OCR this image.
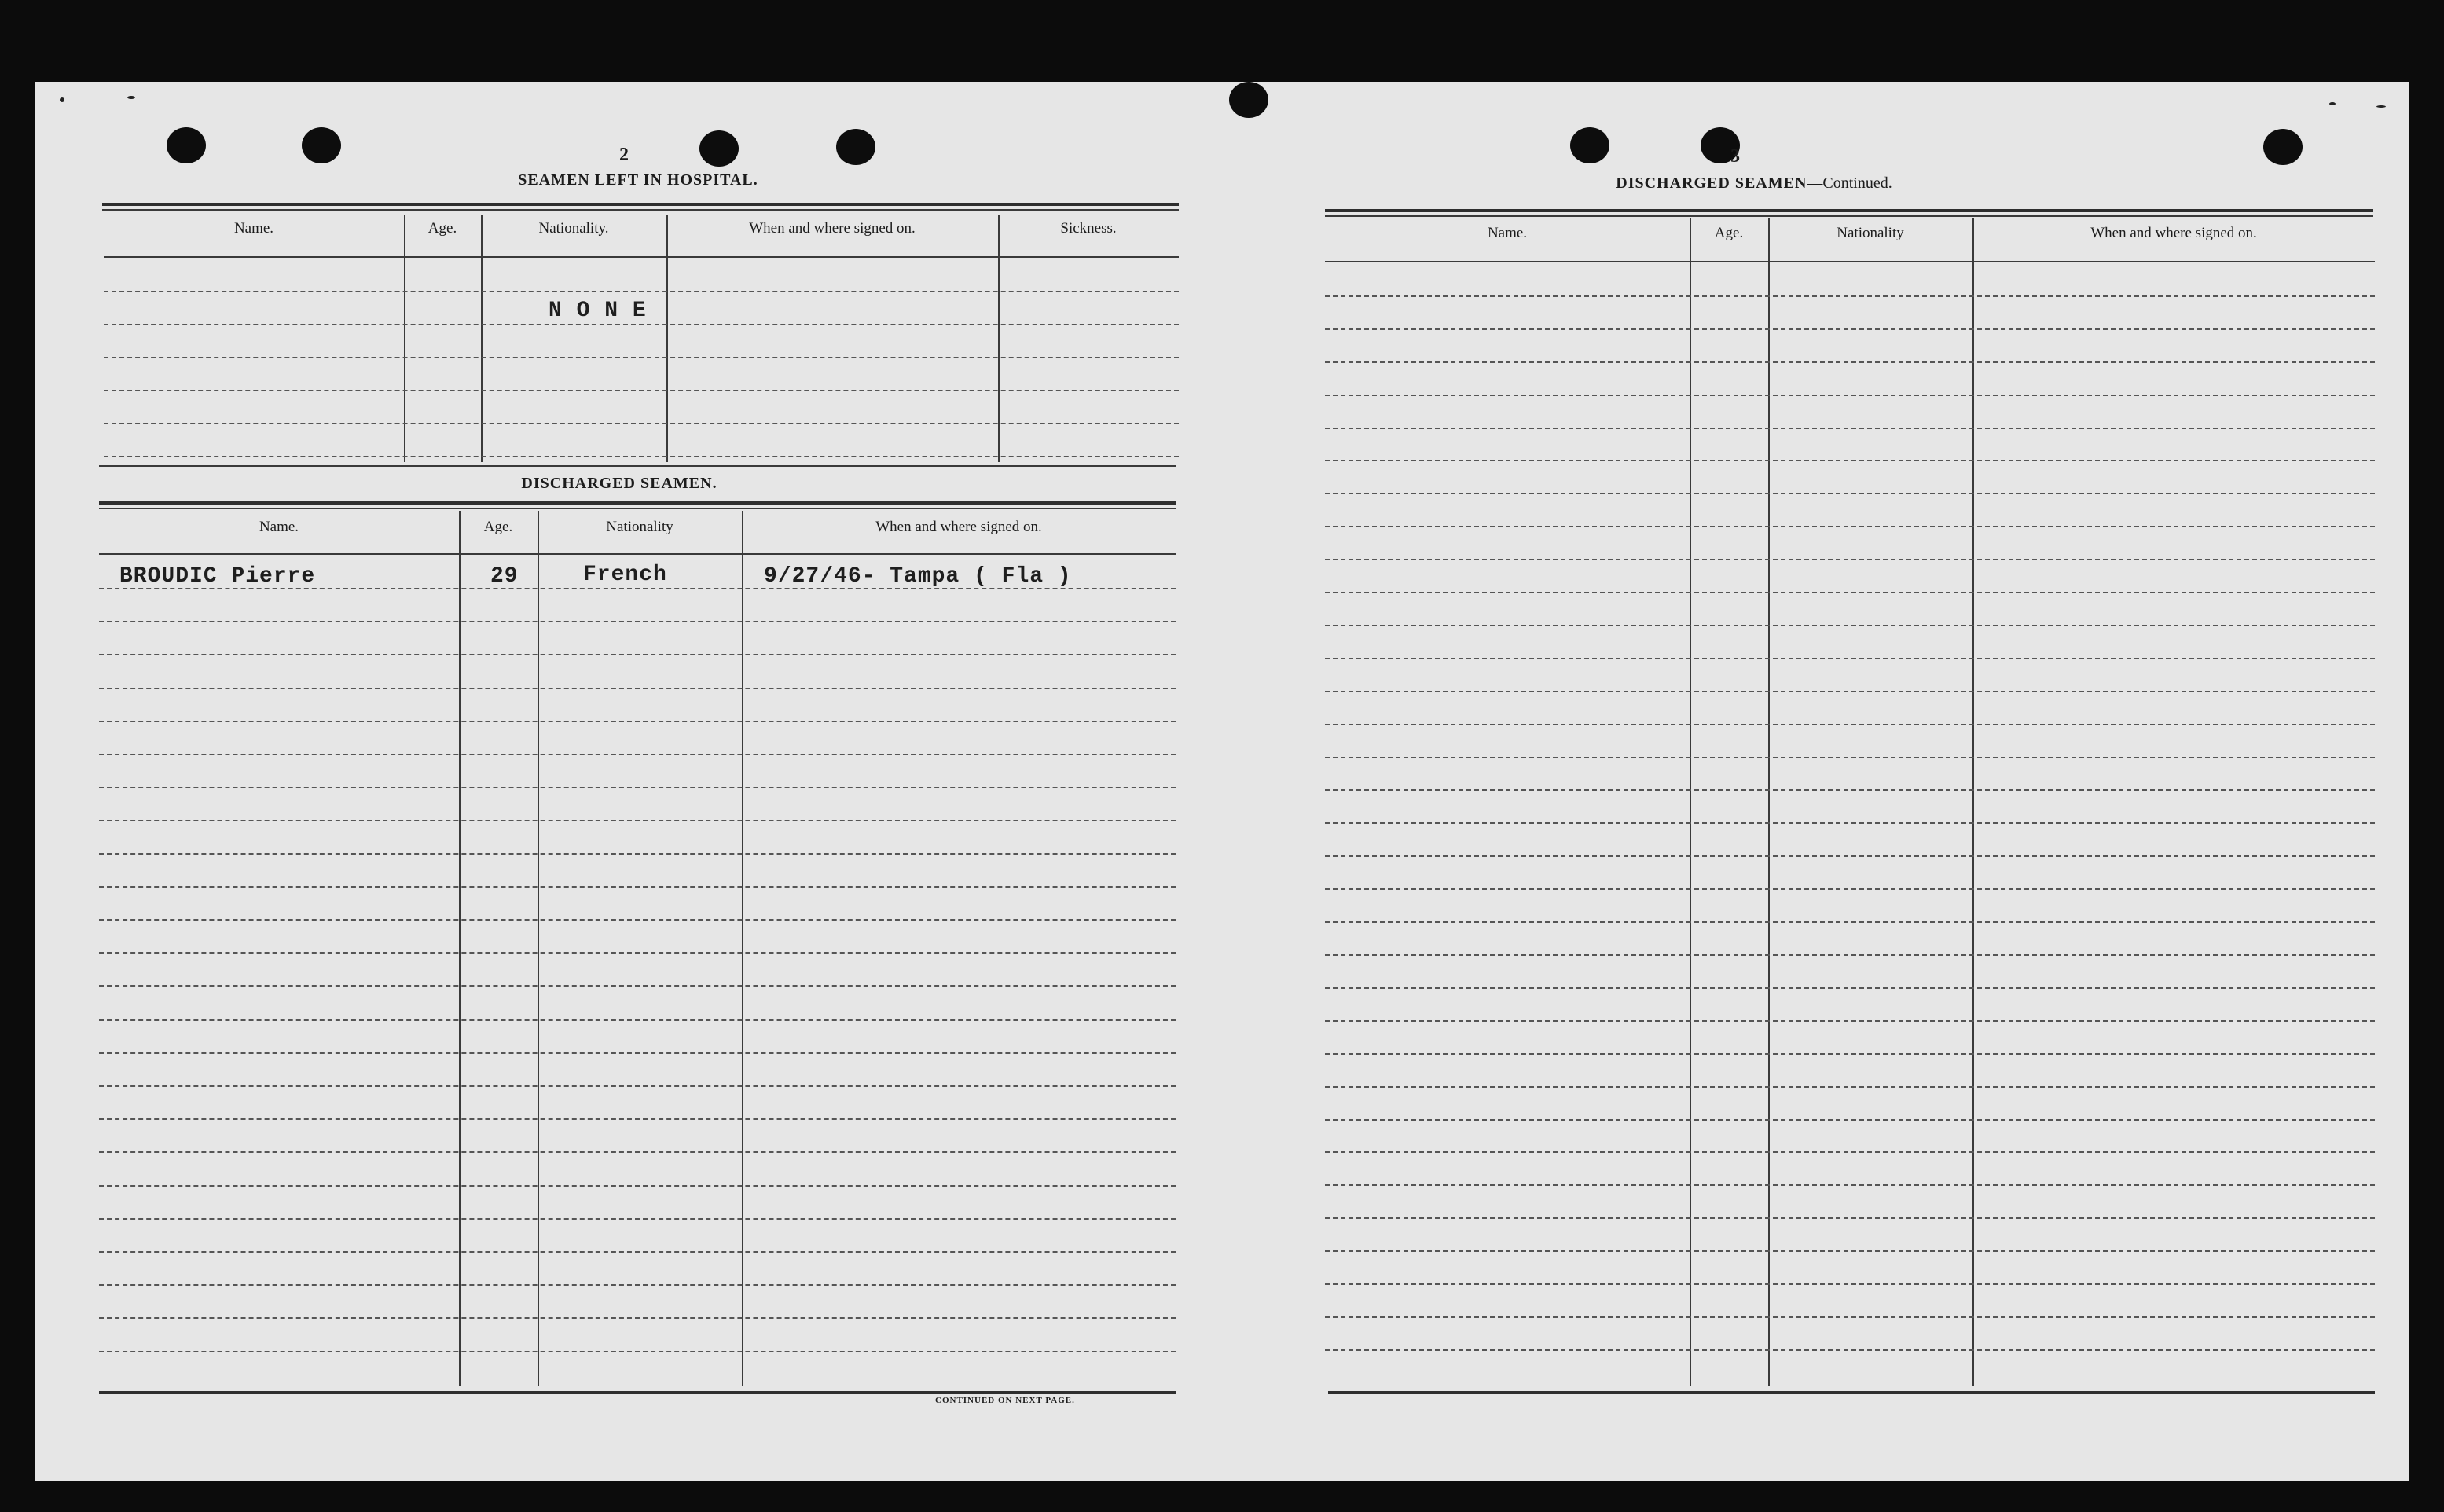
2
SEAMEN LEFT IN HOSPITAL.
Name.	Age.	Nationality.	When and where signed on.	Sickness.
N O N E
DISCHARGED SEAMEN.
Name.	Age.	Nationality	When and where signed on.
BROUDIC Pierre	29	French	9/27/46- Tampa ( Fla )
CONTINUED ON NEXT PAGE.
3
DISCHARGED SEAMEN—Continued.
Name.	Age.	Nationality	When and where signed on.
